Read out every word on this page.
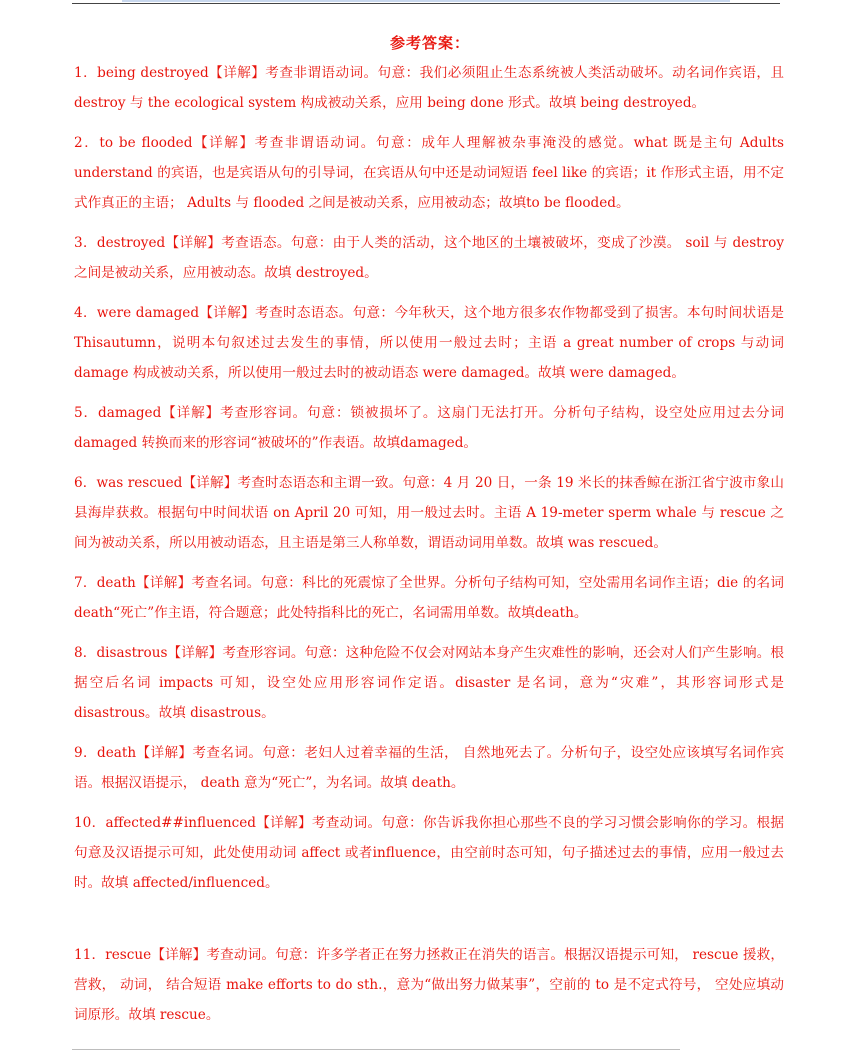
参考答案：

1．being destroyed【详解】考查非谓语动词。句意：我们必须阻止生态系统被人类活动破坏。动名词作宾语，且 destroy 与 the ecological system 构成被动关系，应用 being done 形式。故填 being destroyed。

2．to be flooded【详解】考查非谓语动词。句意：成年人理解被杂事淹没的感觉。what 既是主句 Adults understand 的宾语，也是宾语从句的引导词，在宾语从句中还是动词短语 feel like 的宾语；it 作形式主语，用不定式作真正的主语； Adults 与 flooded 之间是被动关系，应用被动态；故填to be flooded。

3．destroyed【详解】考查语态。句意：由于人类的活动，这个地区的土壤被破坏，变成了沙漠。 soil 与 destroy 之间是被动关系，应用被动态。故填 destroyed。

4．were damaged【详解】考查时态语态。句意：今年秋天，这个地方很多农作物都受到了损害。本句时间状语是 Thisautumn，说明本句叙述过去发生的事情，所以使用一般过去时；主语 a great number of crops 与动词 damage 构成被动关系，所以使用一般过去时的被动语态 were damaged。故填 were damaged。

5．damaged【详解】考查形容词。句意：锁被损坏了。这扇门无法打开。分析句子结构，设空处应用过去分词 damaged 转换而来的形容词“被破坏的”作表语。故填damaged。

6．was rescued【详解】考查时态语态和主谓一致。句意：4 月 20 日，一条 19 米长的抹香鲸在浙江省宁波市象山县海岸获救。根据句中时间状语 on April 20 可知，用一般过去时。主语 A 19-meter sperm whale 与 rescue 之间为被动关系，所以用被动语态，且主语是第三人称单数，谓语动词用单数。故填 was rescued。

7．death【详解】考查名词。句意：科比的死震惊了全世界。分析句子结构可知，空处需用名词作主语；die 的名词 death“死亡”作主语，符合题意；此处特指科比的死亡，名词需用单数。故填death。

8．disastrous【详解】考查形容词。句意：这种危险不仅会对网站本身产生灾难性的影响，还会对人们产生影响。根据空后名词 impacts 可知，设空处应用形容词作定语。disaster 是名词，意为“灾难”，其形容词形式是 disastrous。故填 disastrous。

9．death【详解】考查名词。句意：老妇人过着幸福的生活， 自然地死去了。分析句子，设空处应该填写名词作宾语。根据汉语提示， death 意为“死亡”，为名词。故填 death。

10．affected##influenced【详解】考查动词。句意：你告诉我你担心那些不良的学习习惯会影响你的学习。根据句意及汉语提示可知，此处使用动词 affect 或者influence，由空前时态可知，句子描述过去的事情，应用一般过去时。故填 affected/influenced。

11．rescue【详解】考查动词。句意：许多学者正在努力拯救正在消失的语言。根据汉语提示可知， rescue 援救， 营救， 动词， 结合短语 make efforts to do sth.，意为“做出努力做某事”，空前的 to 是不定式符号， 空处应填动词原形。故填 rescue。
